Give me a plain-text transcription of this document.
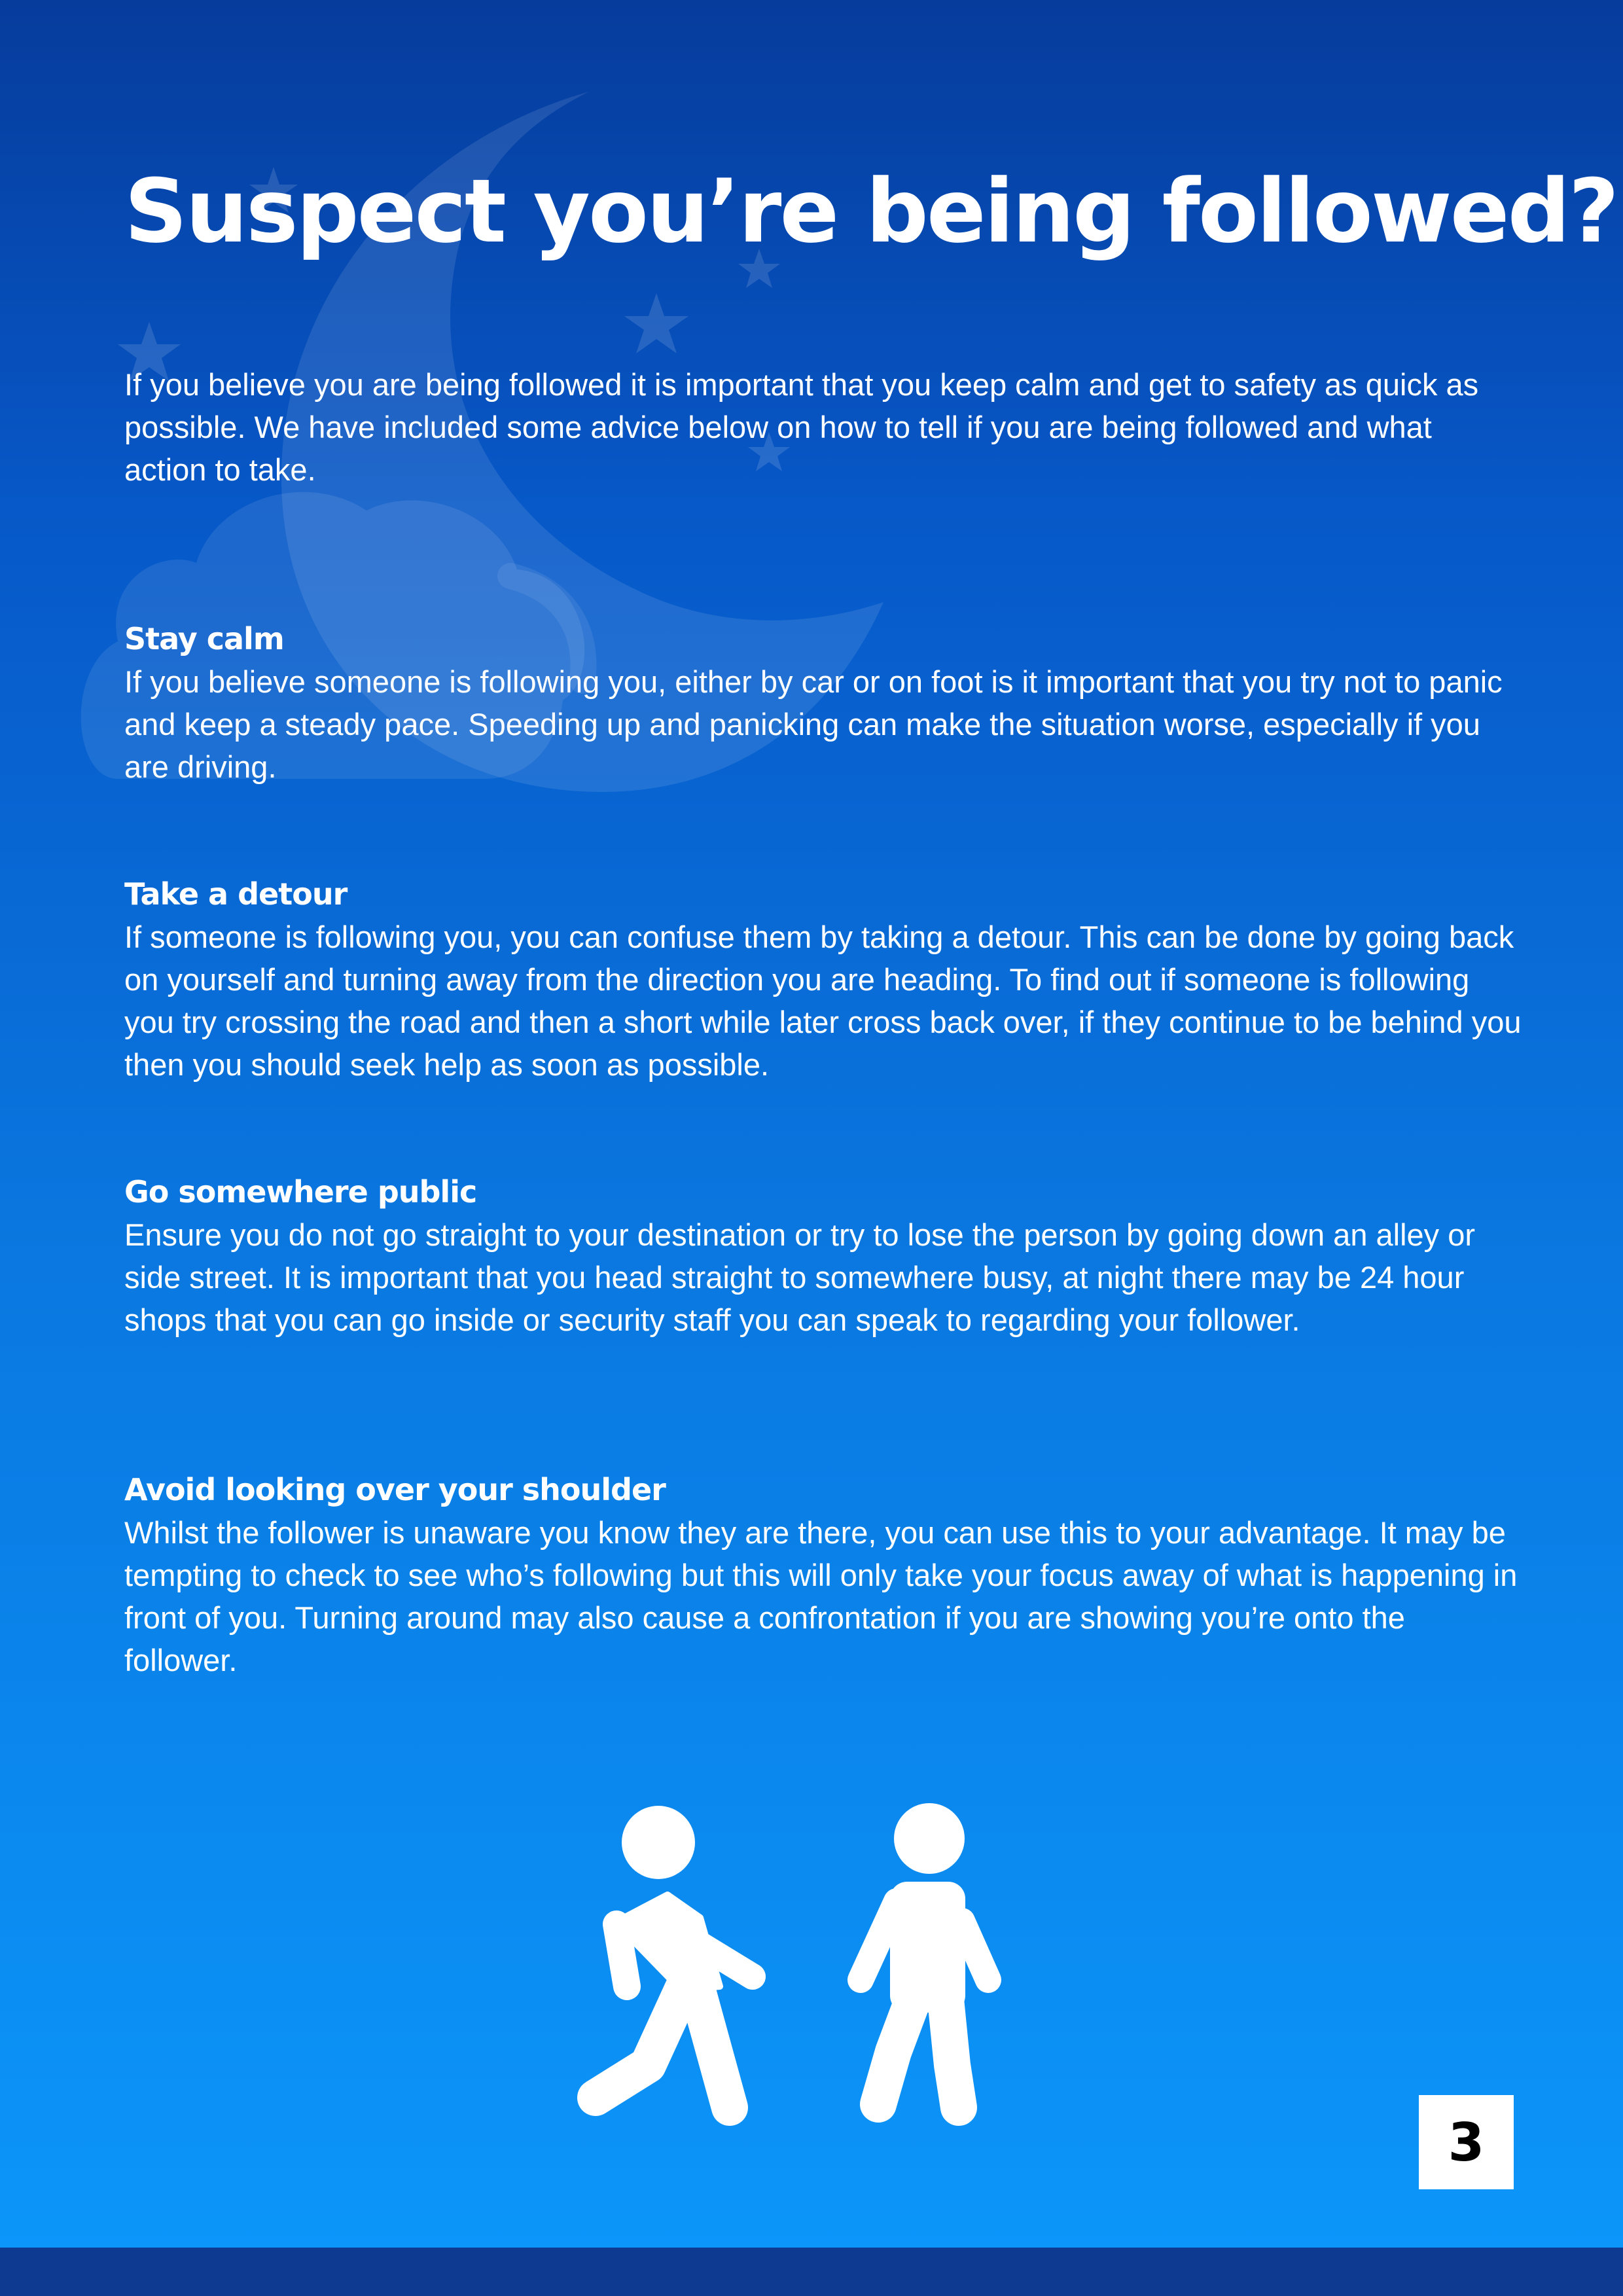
Suspect you’re being followed?

If you believe you are being followed it is important that you keep calm and get to safety as quick as possible. We have included some advice below on how to tell if you are being followed and what action to take.

Stay calm

If you believe someone is following you, either by car or on foot is it important that you try not to panic and keep a steady pace. Speeding up and panicking can make the situation worse, especially if you are driving.

Take a detour

If someone is following you, you can confuse them by taking a detour. This can be done by going back on yourself and turning away from the direction you are heading. To find out if someone is following you try crossing the road and then a short while later cross back over, if they continue to be behind you then you should seek help as soon as possible.

Go somewhere public

Ensure you do not go straight to your destination or try to lose the person by going down an alley or side street. It is important that you head straight to somewhere busy, at night there may be 24 hour shops that you can go inside or security staff you can speak to regarding your follower.

Avoid looking over your shoulder

Whilst the follower is unaware you know they are there, you can use this to your advantage. It may be tempting to check to see who’s following but this will only take your focus away of what is happening in front of you. Turning around may also cause a confrontation if you are showing you’re onto the follower.

3
